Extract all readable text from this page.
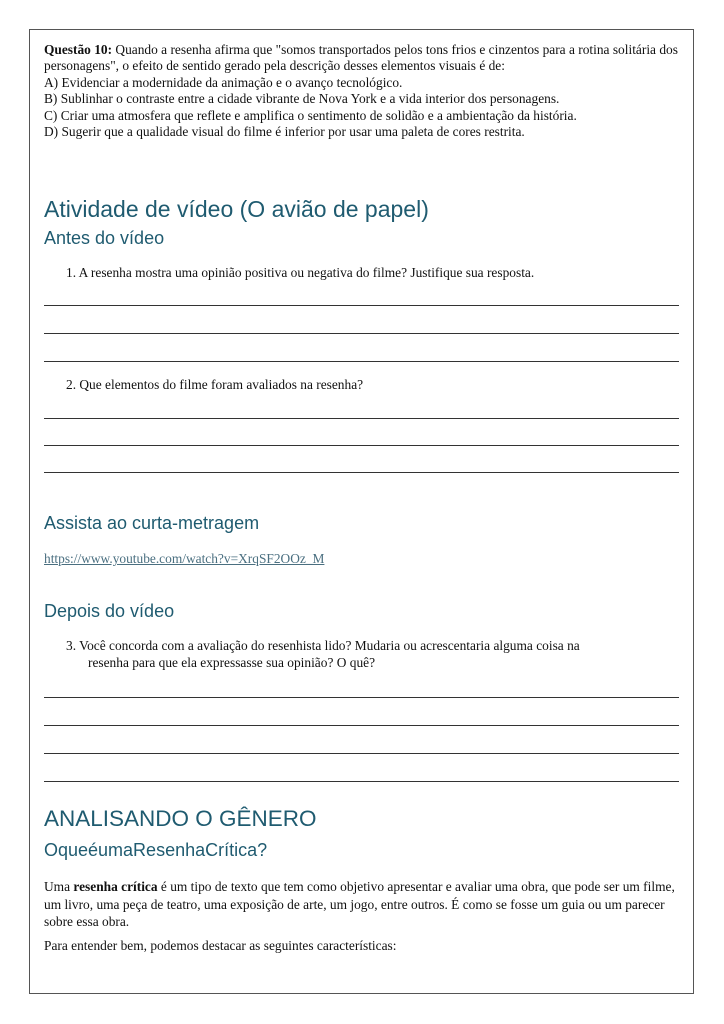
Questão 10: Quando a resenha afirma que "somos transportados pelos tons frios e cinzentos para a rotina solitária dos personagens", o efeito de sentido gerado pela descrição desses elementos visuais é de:

A) Evidenciar a modernidade da animação e o avanço tecnológico.

B) Sublinhar o contraste entre a cidade vibrante de Nova York e a vida interior dos personagens.

C) Criar uma atmosfera que reflete e amplifica o sentimento de solidão e a ambientação da história.

D) Sugerir que a qualidade visual do filme é inferior por usar uma paleta de cores restrita.

Atividade de vídeo (O avião de papel)
Antes do vídeo
1. A resenha mostra uma opinião positiva ou negativa do filme? Justifique sua resposta.
2. Que elementos do filme foram avaliados na resenha?
Assista ao curta-metragem
https://www.youtube.com/watch?v=XrqSF2OOz_M
Depois do vídeo
3. Você concorda com a avaliação do resenhista lido? Mudaria ou acrescentaria alguma coisa na
resenha para que ela expressasse sua opinião? O quê?
ANALISANDO O GÊNERO
OqueéumaResenhaCrítica?

Uma resenha crítica é um tipo de texto que tem como objetivo apresentar e avaliar uma obra, que pode ser um filme, um livro, uma peça de teatro, uma exposição de arte, um jogo, entre outros. É como se fosse um guia ou um parecer sobre essa obra.

Para entender bem, podemos destacar as seguintes características:
